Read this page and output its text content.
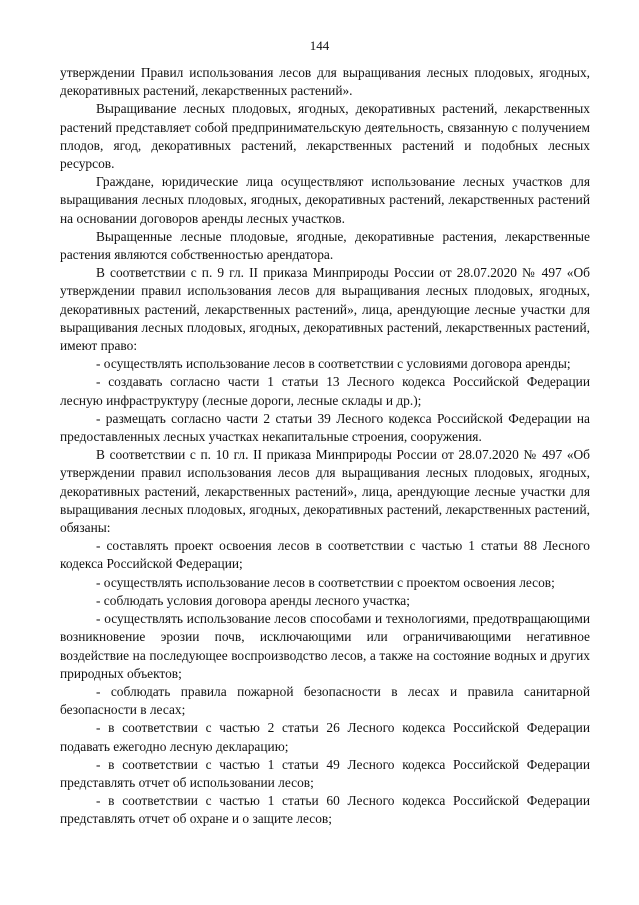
144

утверждении Правил использования лесов для выращивания лесных плодовых, ягодных, декоративных растений, лекарственных растений».

Выращивание лесных плодовых, ягодных, декоративных растений, лекарственных растений представляет собой предпринимательскую деятельность, связанную с получением плодов, ягод, декоративных растений, лекарственных растений и подобных лесных ресурсов.

Граждане, юридические лица осуществляют использование лесных участков для выращивания лесных плодовых, ягодных, декоративных растений, лекарственных растений на основании договоров аренды лесных участков.

Выращенные лесные плодовые, ягодные, декоративные растения, лекарственные растения являются собственностью арендатора.

В соответствии с п. 9 гл. II приказа Минприроды России от 28.07.2020 № 497 «Об утверждении правил использования лесов для выращивания лесных плодовых, ягодных, декоративных растений, лекарственных растений», лица, арендующие лесные участки для выращивания лесных плодовых, ягодных, декоративных растений, лекарственных растений, имеют право:

- осуществлять использование лесов в соответствии с условиями договора аренды;

- создавать согласно части 1 статьи 13 Лесного кодекса Российской Федерации лесную инфраструктуру (лесные дороги, лесные склады и др.);

- размещать согласно части 2 статьи 39 Лесного кодекса Российской Федерации на предоставленных лесных участках некапитальные строения, сооружения.

В соответствии с п. 10 гл. II приказа Минприроды России от 28.07.2020 № 497 «Об утверждении правил использования лесов для выращивания лесных плодовых, ягодных, декоративных растений, лекарственных растений», лица, арендующие лесные участки для выращивания лесных плодовых, ягодных, декоративных растений, лекарственных растений, обязаны:

- составлять проект освоения лесов в соответствии с частью 1 статьи 88 Лесного кодекса Российской Федерации;

- осуществлять использование лесов в соответствии с проектом освоения лесов;

- соблюдать условия договора аренды лесного участка;

- осуществлять использование лесов способами и технологиями, предотвращающими возникновение эрозии почв, исключающими или ограничивающими негативное воздействие на последующее воспроизводство лесов, а также на состояние водных и других природных объектов;

- соблюдать правила пожарной безопасности в лесах и правила санитарной безопасности в лесах;

- в соответствии с частью 2 статьи 26 Лесного кодекса Российской Федерации подавать ежегодно лесную декларацию;

- в соответствии с частью 1 статьи 49 Лесного кодекса Российской Федерации представлять отчет об использовании лесов;

- в соответствии с частью 1 статьи 60 Лесного кодекса Российской Федерации представлять отчет об охране и о защите лесов;
